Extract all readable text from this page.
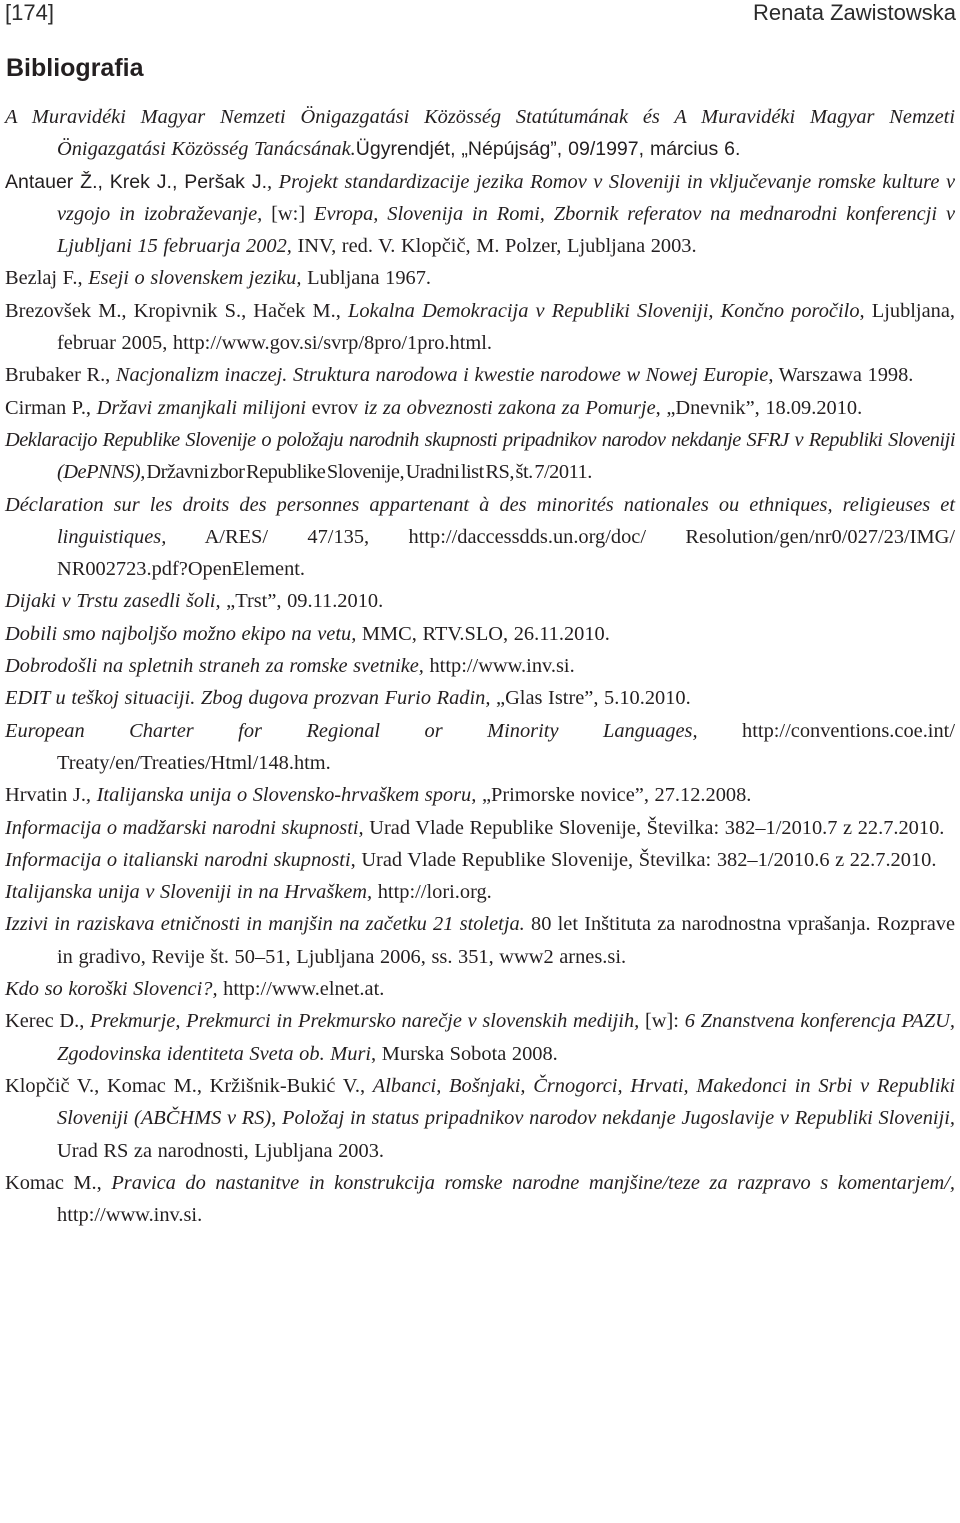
[174]	Renata Zawistowska
Bibliografia

A Muravidéki Magyar Nemzeti Önigazgatási Közösség Statútumának és A Muravidéki Magyar Nemzeti Önigazgatási Közösség Tanácsának.Ügyrendjét, „Népújság”, 09/1997, március 6.

Antauer Ž., Krek J., Peršak J., Projekt standardizacije jezika Romov v Sloveniji in vključevanje romske kulture v vzgojo in izobraževanje, [w:] Evropa, Slovenija in Romi, Zbornik referatov na mednarodni konferencji v Ljubljani 15 februarja 2002, INV, red. V. Klopčič, M. Polzer, Ljubljana 2003.

Bezlaj F., Eseji o slovenskem jeziku, Lubljana 1967.

Brezovšek M., Kropivnik S., Haček M., Lokalna Demokracija v Republiki Sloveniji, Končno poročilo, Ljubljana, februar 2005, http://www.gov.si/svrp/8pro/1pro.html.

Brubaker R., Nacjonalizm inaczej. Struktura narodowa i kwestie narodowe w Nowej Europie, Warszawa 1998.

Cirman P., Državi zmanjkali milijoni evrov iz za obveznosti zakona za Pomurje, „Dnevnik”, 18.09.2010.

Deklaracijo Republike Slovenije o položaju narodnih skupnosti pripadnikov narodov nekdanje SFRJ v Republiki Sloveniji (DePNNS), Državni zbor Republike Slovenije, Uradni list RS, št. 7/2011.

Déclaration sur les droits des personnes appartenant à des minorités nationales ou ethniques, religieuses et linguistiques, A/RES/ 47/135, http://daccessdds.un.org/doc/ Resolution/gen/nr0/027/23/IMG/ NR002723.pdf?OpenElement.

Dijaki v Trstu zasedli šoli, „Trst”, 09.11.2010.

Dobili smo najboljšo možno ekipo na vetu, MMC, RTV.SLO, 26.11.2010.

Dobrodošli na spletnih straneh za romske svetnike, http://www.inv.si.

EDIT u teškoj situaciji. Zbog dugova prozvan Furio Radin, „Glas Istre”, 5.10.2010.

European Charter for Regional or Minority Languages, http://conventions.coe.int/ Treaty/en/Treaties/Html/148.htm.

Hrvatin J., Italijanska unija o Slovensko-hrvaškem sporu, „Primorske novice”, 27.12.2008.

Informacija o madžarski narodni skupnosti, Urad Vlade Republike Slovenije, Številka: 382–1/2010.7 z 22.7.2010.

Informacija o italianski narodni skupnosti, Urad Vlade Republike Slovenije, Številka: 382–1/2010.6 z 22.7.2010.

Italijanska unija v Sloveniji in na Hrvaškem, http://lori.org.

Izzivi in raziskava etničnosti in manjšin na začetku 21 stoletja. 80 let Inštituta za narodnostna vprašanja. Rozprave in gradivo, Revije št. 50–51, Ljubljana 2006, ss. 351, www2 arnes.si.

Kdo so koroški Slovenci?, http://www.elnet.at.

Kerec D., Prekmurje, Prekmurci in Prekmursko narečje v slovenskih medijih, [w]: 6 Znanstvena konferencja PAZU, Zgodovinska identiteta Sveta ob. Muri, Murska Sobota 2008.

Klopčič V., Komac M., Kržišnik-Bukić V., Albanci, Bošnjaki, Črnogorci, Hrvati, Makedonci in Srbi v Republiki Sloveniji (ABČHMS v RS), Položaj in status pripadnikov narodov nekdanje Jugoslavije v Republiki Sloveniji, Urad RS za narodnosti, Ljubljana 2003.

Komac M., Pravica do nastanitve in konstrukcija romske narodne manjšine/teze za razpravo s komentarjem/, http://www.inv.si.
